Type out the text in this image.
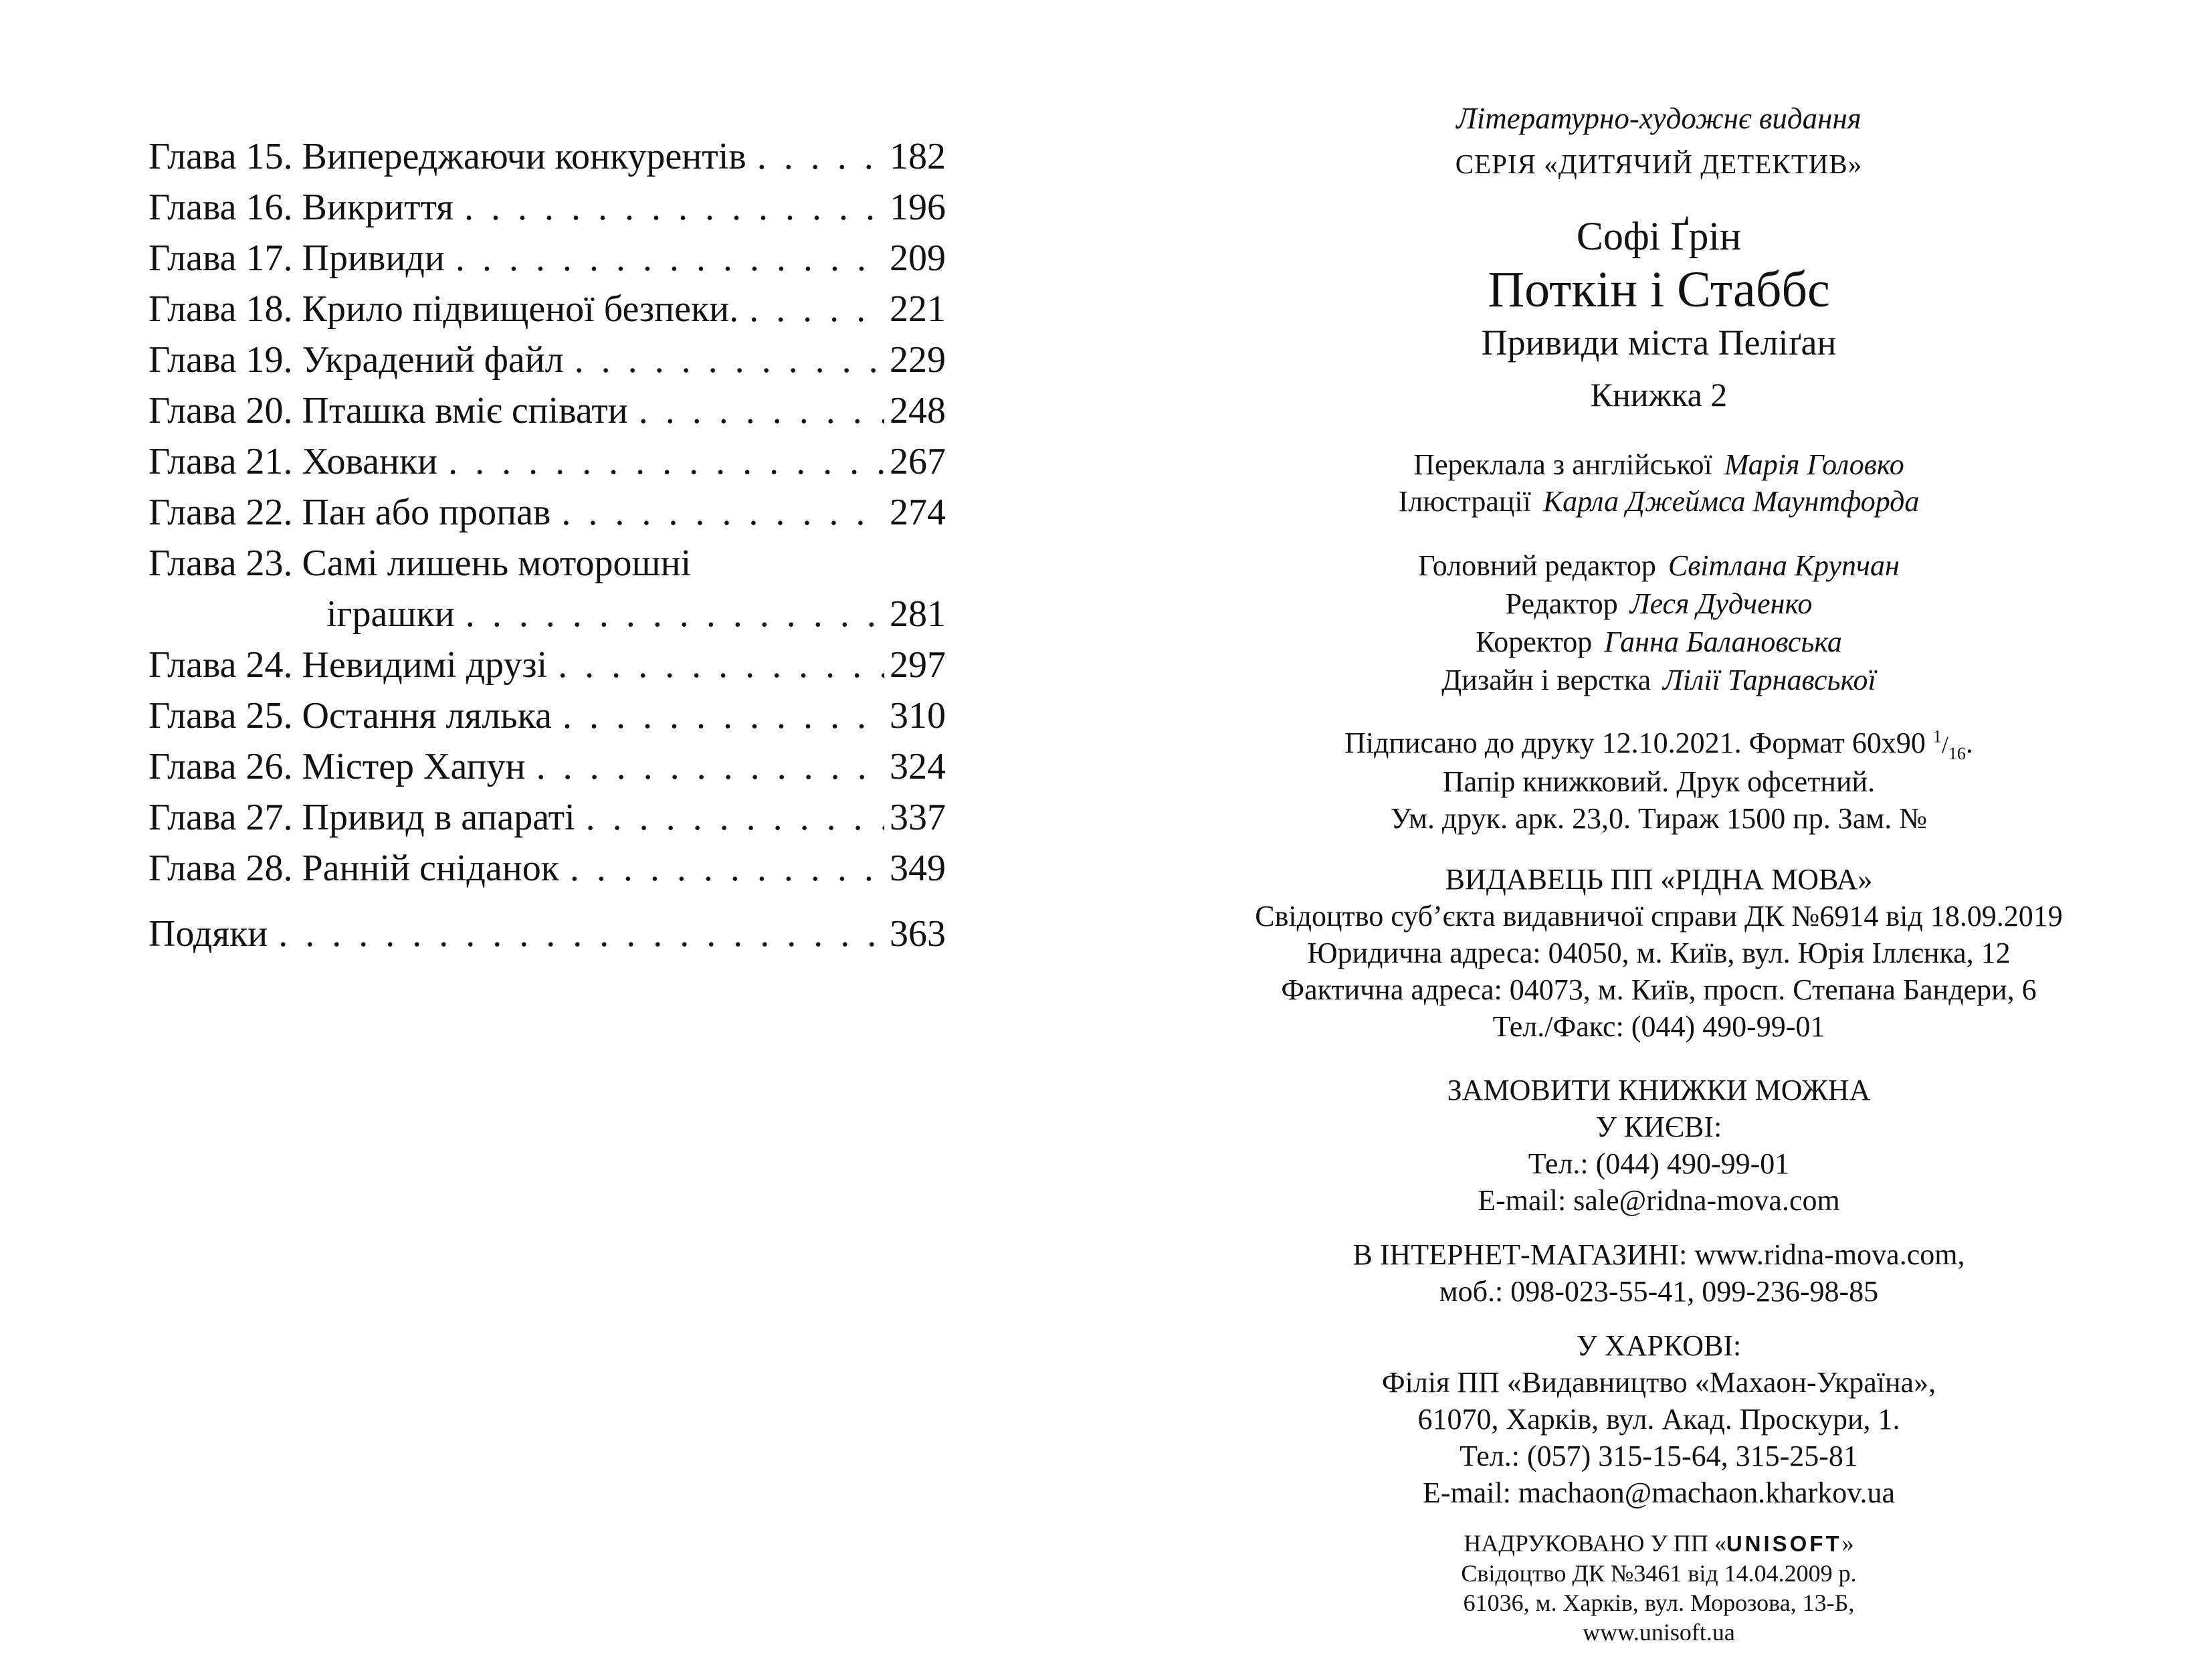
Глава 15. Випереджаючи конкурентів .....	182
Глава 16. Викриття .....	196
Глава 17. Привиди .....	209
Глава 18. Крило підвищеної безпеки. .....	221
Глава 19. Украдений файл .....	229
Глава 20. Пташка вміє співати .....	248
Глава 21. Хованки .....	267
Глава 22. Пан або пропав .....	274
Глава 23. Самі лишень моторошні
іграшки .....	281
Глава 24. Невидимі друзі .....	297
Глава 25. Остання лялька .....	310
Глава 26. Містер Хапун .....	324
Глава 27. Привид в апараті .....	337
Глава 28. Ранній сніданок .....	349
Подяки .....	363
Літературно-художнє видання
СЕРІЯ «ДИТЯЧИЙ ДЕТЕКТИВ»
Софі Ґрін
Поткін і Стаббс
Привиди міста Пеліґан
Книжка 2
Переклала з англійської Марія Головко
Ілюстрації Карла Джеймса Маунтфорда
Головний редактор Світлана Крупчан
Редактор Леся Дудченко
Коректор Ганна Балановська
Дизайн і верстка Лілії Тарнавської
Підписано до друку 12.10.2021. Формат 60х90 $^1/_{16}$.
Папір книжковий. Друк офсетний.
Ум. друк. арк. 23,0. Тираж 1500 пр. Зам. №
ВИДАВЕЦЬ ПП «РІДНА МОВА»
Свідоцтво суб’єкта видавничої справи ДК №6914 від 18.09.2019
Юридична адреса: 04050, м. Київ, вул. Юрія Іллєнка, 12
Фактична адреса: 04073, м. Київ, просп. Степана Бандери, 6
Тел./Факс: (044) 490-99-01
ЗАМОВИТИ КНИЖКИ МОЖНА
У КИЄВІ:
Тел.: (044) 490-99-01
E-mail: sale@ridna-mova.com
В ІНТЕРНЕТ-МАГАЗИНІ: www.ridna-mova.com,
моб.: 098-023-55-41, 099-236-98-85
У ХАРКОВІ:
Філія ПП «Видавництво «Махаон-Україна»,
61070, Харків, вул. Акад. Проскури, 1.
Тел.: (057) 315-15-64, 315-25-81
E-mail: machaon@machaon.kharkov.ua
НАДРУКОВАНО У ПП «UNISOFT»
Свідоцтво ДК №3461 від 14.04.2009 р.
61036, м. Харків, вул. Морозова, 13-Б,
www.unisoft.ua
